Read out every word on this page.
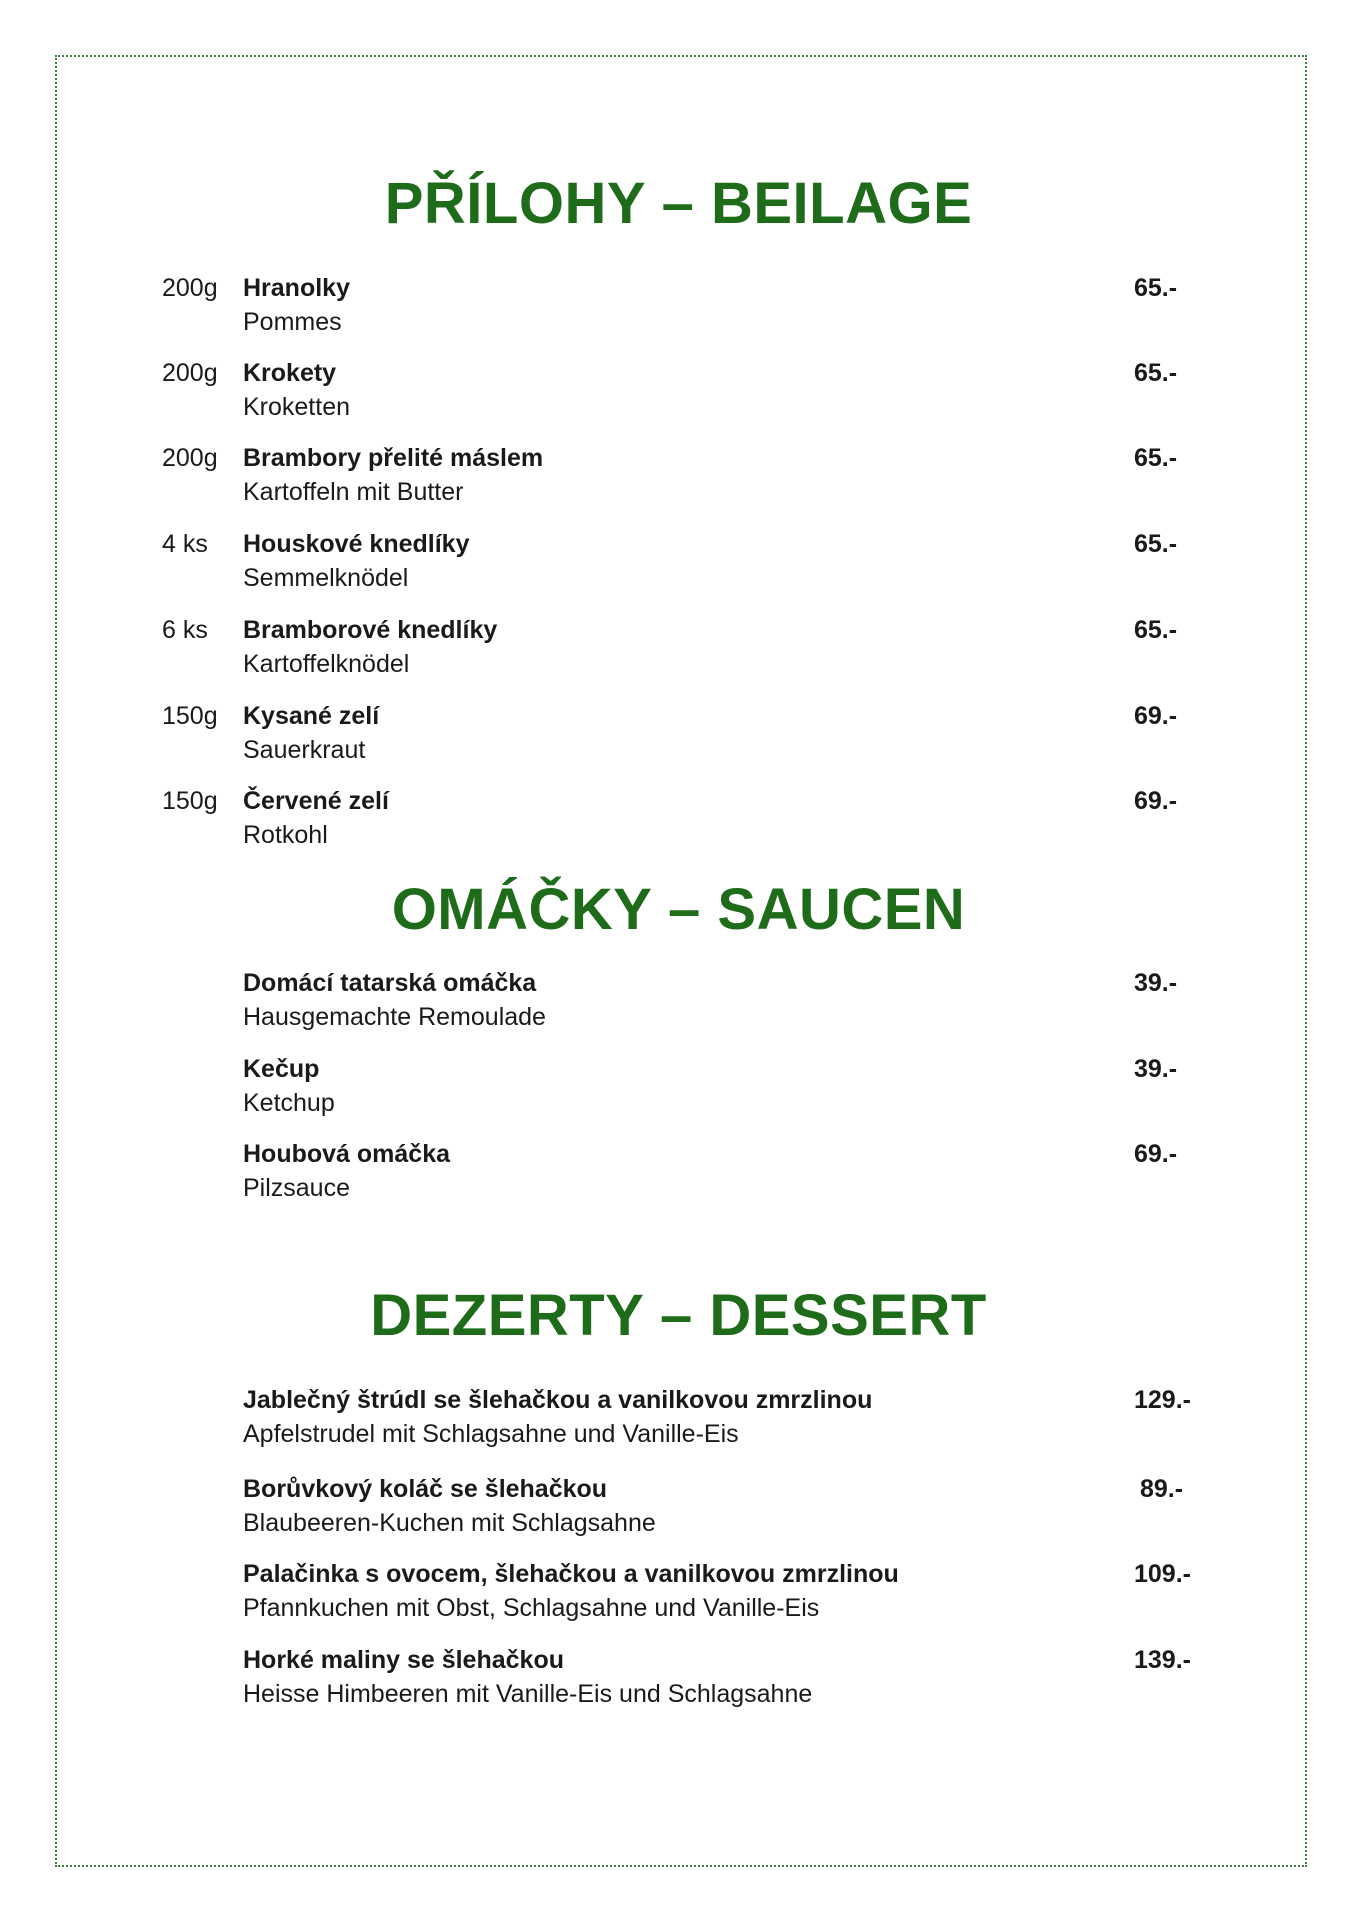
PŘÍLOHY – BEILAGE
200g Hranolky
Pommes
65.-
200g Krokety
Kroketten
65.-
200g Brambory přelité máslem
Kartoffeln mit Butter
65.-
4 ks Houskové knedlíky
Semmelknödel
65.-
6 ks Bramborové knedlíky
Kartoffelknödel
65.-
150g Kysané zelí
Sauerkraut
69.-
150g Červené zelí
Rotkohl
69.-
OMÁČKY – SAUCEN
Domácí tatarská omáčka
Hausgemachte Remoulade
39.-
Kečup
Ketchup
39.-
Houbová omáčka
Pilzsauce
69.-
DEZERTY – DESSERT
Jablečný štrúdl se šlehačkou a vanilkovou zmrzlinou
Apfelstrudel mit Schlagsahne und Vanille-Eis
129.-
Borůvkový koláč se šlehačkou
Blaubeeren-Kuchen mit Schlagsahne
89.-
Palačinka s ovocem, šlehačkou a vanilkovou zmrzlinou
Pfannkuchen mit Obst, Schlagsahne und Vanille-Eis
109.-
Horké maliny se šlehačkou
Heisse Himbeeren mit Vanille-Eis und Schlagsahne
139.-
